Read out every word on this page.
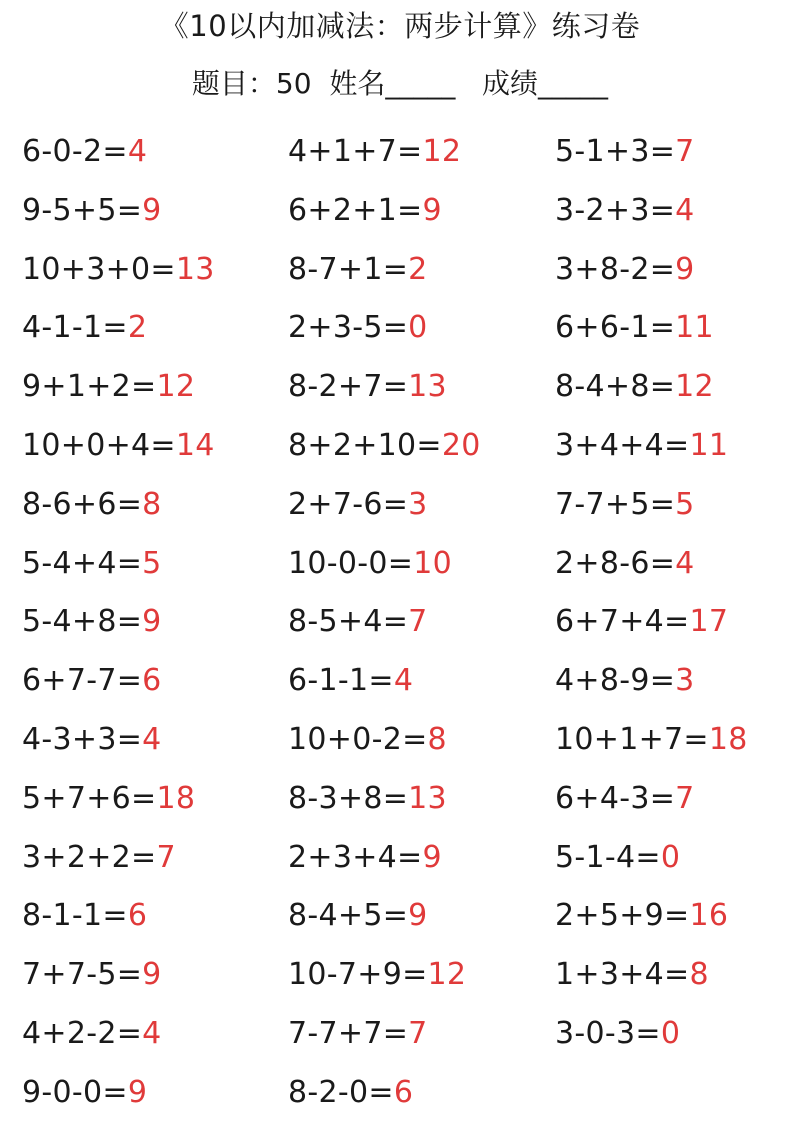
《10以内加减法：两步计算》练习卷
题目：50  姓名_____   成绩_____
6-0-2=4
9-5+5=9
10+3+0=13
4-1-1=2
9+1+2=12
10+0+4=14
8-6+6=8
5-4+4=5
5-4+8=9
6+7-7=6
4-3+3=4
5+7+6=18
3+2+2=7
8-1-1=6
7+7-5=9
4+2-2=4
9-0-0=9
4+1+7=12
6+2+1=9
8-7+1=2
2+3-5=0
8-2+7=13
8+2+10=20
2+7-6=3
10-0-0=10
8-5+4=7
6-1-1=4
10+0-2=8
8-3+8=13
2+3+4=9
8-4+5=9
10-7+9=12
7-7+7=7
8-2-0=6
5-1+3=7
3-2+3=4
3+8-2=9
6+6-1=11
8-4+8=12
3+4+4=11
7-7+5=5
2+8-6=4
6+7+4=17
4+8-9=3
10+1+7=18
6+4-3=7
5-1-4=0
2+5+9=16
1+3+4=8
3-0-3=0
